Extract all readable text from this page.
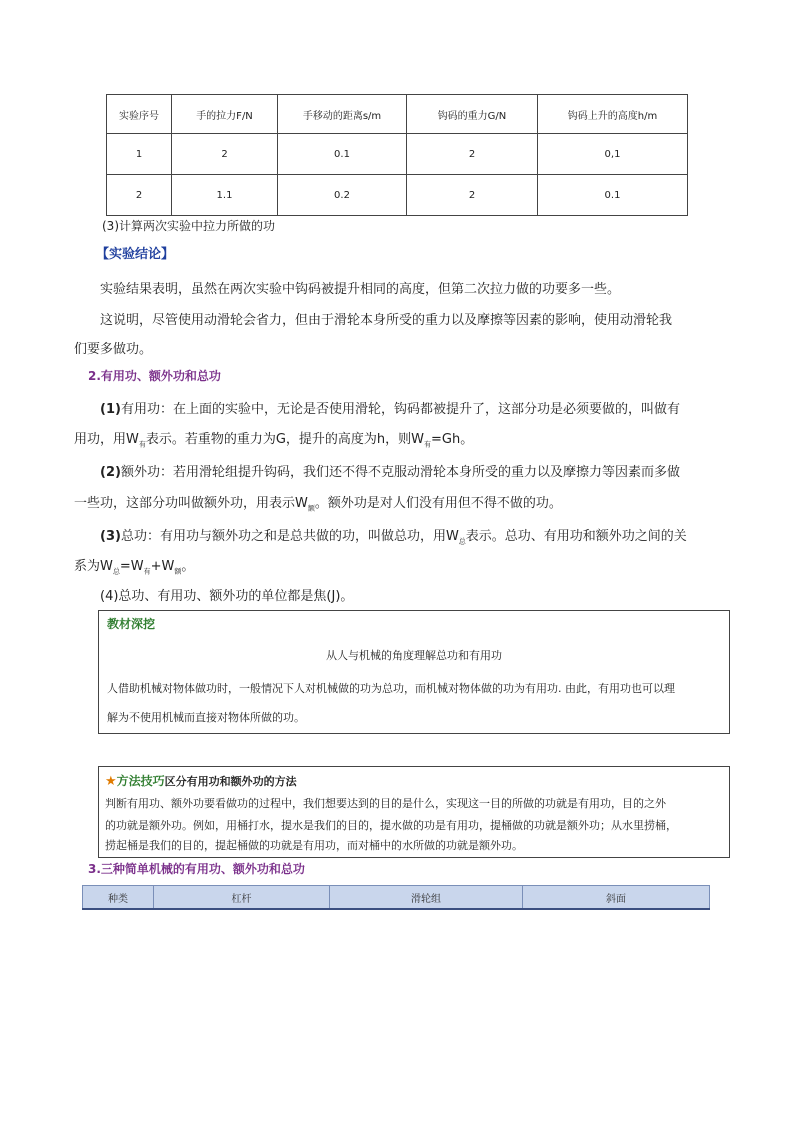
实验序号	手的拉力F/N	手移动的距离s/m	钩码的重力G/N	钩码上升的高度h/m
1	2	0.1	2	0,1
2	1.1	0.2	2	0.1
(3)计算两次实验中拉力所做的功
【实验结论】
实验结果表明，虽然在两次实验中钩码被提升相同的高度，但第二次拉力做的功要多一些。
这说明，尽管使用动滑轮会省力，但由于滑轮本身所受的重力以及摩擦等因素的影响，使用动滑轮我
们要多做功。
2.有用功、额外功和总功
(1)有用功：在上面的实验中，无论是否使用滑轮，钩码都被提升了，这部分功是必须要做的，叫做有
用功，用$W_有$表示。若重物的重力为G，提升的高度为h，则$W_有=Gh$。
(2)额外功：若用滑轮组提升钩码，我们还不得不克服动滑轮本身所受的重力以及摩擦力等因素而多做
一些功，这部分功叫做额外功，用表示$W_额$。额外功是对人们没有用但不得不做的功。
(3)总功：有用功与额外功之和是总共做的功，叫做总功，用$W_总$表示。总功、有用功和额外功之间的关
系为$W_总=W_有+W_额$。
(4)总功、有用功、额外功的单位都是焦(J)。
教材深挖
从人与机械的角度理解总功和有用功
人借助机械对物体做功时，一般情况下人对机械做的功为总功，而机械对物体做的功为有用功. 由此，有用功也可以理
解为不使用机械而直接对物体所做的功。
★方法技巧区分有用功和额外功的方法
判断有用功、额外功要看做功的过程中，我们想要达到的目的是什么，实现这一目的所做的功就是有用功，目的之外
的功就是额外功。例如，用桶打水，提水是我们的目的，提水做的功是有用功，提桶做的功就是额外功；从水里捞桶，
捞起桶是我们的目的，提起桶做的功就是有用功，而对桶中的水所做的功就是额外功。
3.三种简单机械的有用功、额外功和总功
种类	杠杆	滑轮组	斜面
